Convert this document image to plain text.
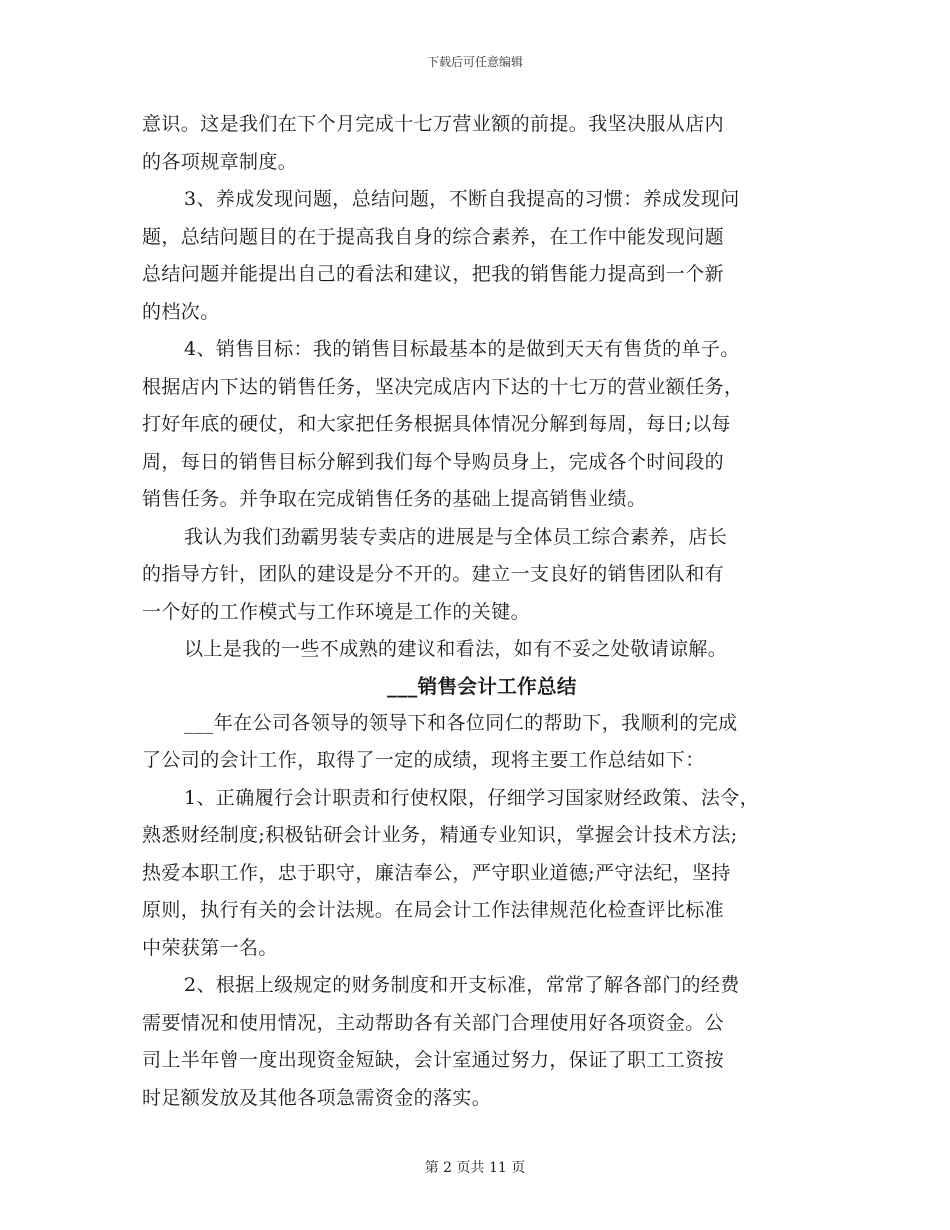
下载后可任意编辑
意识。这是我们在下个月完成十七万营业额的前提。我坚决服从店内
的各项规章制度。
3、养成发现问题，总结问题，不断自我提高的习惯：养成发现问
题，总结问题目的在于提高我自身的综合素养，在工作中能发现问题
总结问题并能提出自己的看法和建议，把我的销售能力提高到一个新
的档次。
4、销售目标：我的销售目标最基本的是做到天天有售货的单子。
根据店内下达的销售任务，坚决完成店内下达的十七万的营业额任务，
打好年底的硬仗，和大家把任务根据具体情况分解到每周，每日;以每
周，每日的销售目标分解到我们每个导购员身上，完成各个时间段的
销售任务。并争取在完成销售任务的基础上提高销售业绩。
我认为我们劲霸男装专卖店的进展是与全体员工综合素养，店长
的指导方针，团队的建设是分不开的。建立一支良好的销售团队和有
一个好的工作模式与工作环境是工作的关键。
以上是我的一些不成熟的建议和看法，如有不妥之处敬请谅解。
___销售会计工作总结
___年在公司各领导的领导下和各位同仁的帮助下，我顺利的完成
了公司的会计工作，取得了一定的成绩，现将主要工作总结如下：
1、正确履行会计职责和行使权限，仔细学习国家财经政策、法令，
熟悉财经制度;积极钻研会计业务，精通专业知识，掌握会计技术方法;
热爱本职工作，忠于职守，廉洁奉公，严守职业道德;严守法纪，坚持
原则，执行有关的会计法规。在局会计工作法律规范化检查评比标准
中荣获第一名。
2、根据上级规定的财务制度和开支标准，常常了解各部门的经费
需要情况和使用情况，主动帮助各有关部门合理使用好各项资金。公
司上半年曾一度出现资金短缺，会计室通过努力，保证了职工工资按
时足额发放及其他各项急需资金的落实。
第 2 页共 11 页
